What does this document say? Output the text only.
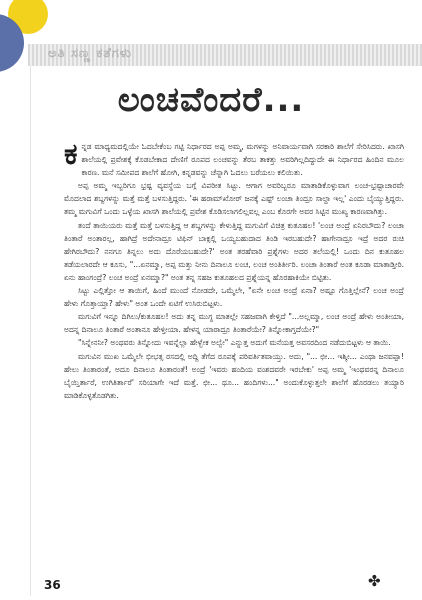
ಅತಿ ಸಣ್ಣ ಕತೆಗಳು
ಲಂಚವೆಂದರೆ...

ಕನ್ನಡ ಮಾಧ್ಯಮದಲ್ಲಿಯೇ ಓದಬೇಕೆಂಬ ಗಟ್ಟಿ ನಿರ್ಧಾರದ ಅಪ್ಪ ಅಮ್ಮ, ಮಗಳನ್ನು ಅನಿವಾರ್ಯವಾಗಿ ಸರಕಾರಿ ಶಾಲೆಗೆ ಸೇರಿಸಿದರು. ಖಾಸಗಿ ಶಾಲೆಯಲ್ಲಿ ಪ್ರವೇಶಕ್ಕೆ ಕೊಡಬೇಕಾದ ದೇಣಿಗೆ ರೂಪದ ಲಂಚವನ್ನು ತೆರಬ ತಾಕತ್ತು ಅವರಿಗಿಲ್ಲದಿದ್ದುದೇ ಈ ನಿರ್ಧಾರದ ಹಿಂದಿನ ಮೂಲ ಕಾರಣ. ಮನೆ ಸಮೀಪದ ಶಾಲೆಗೆ ಹೋಗಿ, ಕನ್ನಡವನ್ನು ಚೆನ್ನಾಗಿ ಓದಲು ಬರೆಯಲು ಕಲಿಯಿತು.

ಅಪ್ಪ ಅಮ್ಮ ಇಬ್ಬರಿಗೂ ಭ್ರಷ್ಟ ವ್ಯವಸ್ಥೆಯ ಬಗ್ಗೆ ವಿಪರೀತ ಸಿಟ್ಟು. ಆಗಾಗ ಅವರಿಬ್ಬರೂ ಮಾತಾಡಿಕೊಳ್ಳುವಾಗ ಲಂಚ-ಭ್ರಷ್ಟಾಚಾರವೇ ಮೊದಲಾದ ಶಬ್ದಗಳನ್ನು ಮತ್ತೆ ಮತ್ತೆ ಬಳಸುತ್ತಿದ್ದರು. 'ಈ ಹರಾಮ್‌ಖೋರ್ ಜನಕ್ಕೆ ಎಷ್ಟ್ ಲಂಚಾ ತಿಂದ್ರೂ ಸಾಲ್ದಾ ಇಲ್ಲ' ಎಂದು ಬೈಯ್ಯುತ್ತಿದ್ದರು. ತಮ್ಮ ಮಗುವಿಗೆ ಒಂದು ಒಳ್ಳೆಯ ಖಾಸಗಿ ಶಾಲೆಯಲ್ಲಿ ಪ್ರವೇಶ ಕೊಡಿಸಲಾಗಲಿಲ್ಲವಲ್ಲ ಎಂಬ ಕೊರಗೇ ಅವರ ಸಿಟ್ಟಿನ ಮುಖ್ಯ ಕಾರಣವಾಗಿತ್ತು.

ತಂದೆ ತಾಯಿಯರು ಮತ್ತೆ ಮತ್ತೆ ಬಳಸುತ್ತಿದ್ದ ಆ ಶಬ್ದಗಳನ್ನು ಕೇಳುತ್ತಿದ್ದ ಮಗುವಿಗೆ ವಿಚಿತ್ರ ಕುತೂಹಲ! 'ಲಂಚ ಅಂದ್ರೆ ಏನಿರಬೌದು? ಲಂಚಾ ತಿಂತಾರೆ ಅಂತಾರಲ್ಲ, ಹಾಗಿದ್ರೆ ಅದೇನಾದ್ರೂ ಟಿಫಿನ್ ಬಾಕ್ಸಲ್ಲಿ ಒಯ್ಯಬಹುದಾದ ತಿಂಡಿ ಇರಬಹುದೇ? ಹಾಗೇನಾದ್ರೂ ಇದ್ರೆ ಅದರ ರುಚಿ ಹೇಗಿರಬೌದು? ನನಗೂ ತಿನ್ನಲು ಅದು ದೊರೆಯಬಹುದೇ?' ಅಂತ ತರಹೆವಾರಿ ಪ್ರಶ್ನೆಗಳು ಅದರ ತಲೆಯಲ್ಲಿ! ಒಂದು ದಿನ ಕುತೂಹಲ ತಡೆಯಲಾರದೇ ಆ ಕೂಸು, "...ಏನಮ್ಮಾ, ಅಪ್ಪ ಮತ್ತು ನೀನು ದಿನಾಲೂ ಲಂಚ, ಲಂಚ ಅಂತಿರ್ತೀರಿ. ಲಂಚಾ ತಿಂತಾರೆ ಅಂತ ಕೂಡಾ ಮಾತಾಡ್ತೀರಿ. ಏನು ಹಾಂಗಂದ್ರೆ? ಲಂಚ ಅಂದ್ರೆ ಏನಮ್ಮಾ?" ಅಂತ ತನ್ನ ಸಹಜ ಕುತೂಹಲದ ಪ್ರಶ್ನೆಯನ್ನ ಹೊರಹಾಕಿಯೇ ಬಿಟ್ಟಿತು.

ಸಿಟ್ಟು ಎಲ್ಲಿತ್ತೋ ಆ ತಾಯಿಗೆ, ಹಿಂದೆ ಮುಂದೆ ನೋಡದೇ, ಒಮ್ಮೆಲೇ, "ಏನೇ ಲಂಚ ಅಂದ್ರೆ ಏನಾ? ಅಷ್ಟೂ ಗೊತ್ತಿಲ್ಲೇನೆ? ಲಂಚ ಅಂದ್ರೆ ಹೇಳು ಗೊತ್ತಾಯ್ತಾ? ಹೇಳು" ಅಂತ ಒಂದೇ ಏಟಿಗೆ ಉಸಿರುಬಿಟ್ಟಳು.

ಮಗುವಿಗೆ ಇನ್ನೂ ದಿಗಿಲು/ಕುತೂಹಲ! ಅದು ತನ್ನ ಮುಗ್ಧ ಮಾತಲ್ಲೇ ಸಹಜವಾಗಿ ಕೇಳ್ತಿದೆ "...ಅಲ್ಲಮ್ಮಾ, ಲಂಚ ಅಂದ್ರೆ ಹೇಳು ಅಂತೀಯಾ, ಅದನ್ನ ದಿನಾಲೂ ತಿಂತಾರೆ ಅಂತಾನೂ ಹೇಳ್ತೀಯಾ. ಹೇಳನ್ನ ಯಾರಾದ್ರೂ ತಿಂತಾರೆಯೇ? ತಿನ್ನೋಕಾಗ್ತದೆಯೇ?"

"ಸಿನ್ನೇನನೀ? ಅಂಥವರು ತಿನ್ನೋದು ಇವನ್ನೆಲ್ಲಾ ಹೇಳ್ಬೇಕ ಅಲ್ವೇ" ಎನ್ನುತ್ತ ಅದುಗೆ ಮನೆಯತ್ತ ಅವಸರದಿಂದ ನಡೆದುಬಿಟ್ಟಳು ಆ ತಾಯಿ.

ಮಗುವಿನ ಮುಖ ಒಮ್ಮೆಲೇ ಭೀಭತ್ಸ ರಸದಲ್ಲಿ ಅದ್ದಿ ತೆಗೆದ ರೂಪಕ್ಕೆ ಪರಿವರ್ತಿತವಾಯ್ತು. ಅದು, "... ಛೀ... ಇಶ್ಶೀ... ಎಂಥಾ ಜನವಪ್ಪಾ! ಹೇಲು ತಿಂತಾರಂತೆ, ಅದೂ ದಿನಾಲೂ ತಿಂತಾರಂತೆ! ಅಂದ್ರೆ 'ಇವರು ಹಂದಿಯ ವಂಶದವರೇ ಇರಬೇಕು' ಅಪ್ಪ ಅಮ್ಮ 'ಇಂಥವರನ್ನ ದಿನಾಲೂ ಬೈಯ್ತಿರ್ತಾರೆ, ಉಗಿತಿರ್ತಾರೆ' ಸರಿಯಾಗೇ ಇದೆ ಮತ್ತೆ. ಛೀ... ಥೂ... ಹಂದಿಗಳು..." ಅಂದುಕೊಳ್ಳುತ್ತಲೇ ಶಾಲೆಗೆ ಹೊರಡಲು ತಯ್ಯಾರಿ ಮಾಡಿಕೊಳ್ಳತೊಡಗಿತು.

36	✤
